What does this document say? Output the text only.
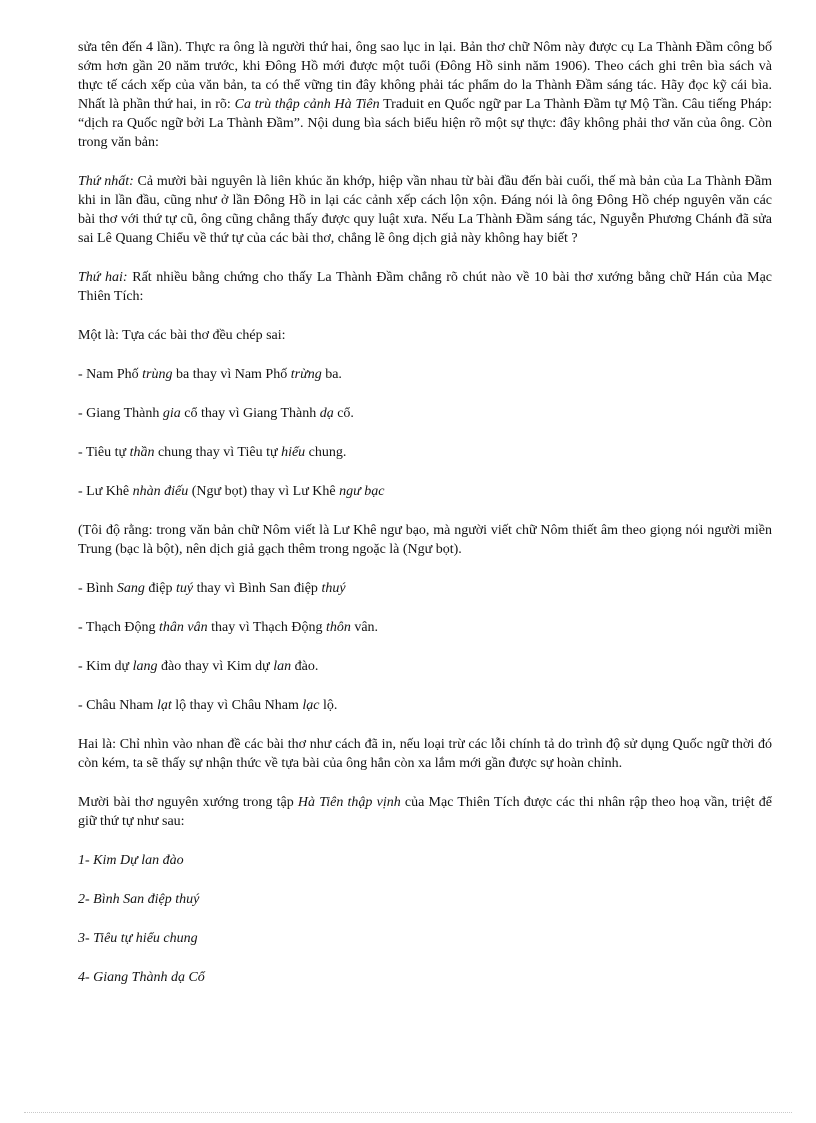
sửa tên đến 4 lần). Thực ra ông là người thứ hai, ông sao lục in lại. Bản thơ chữ Nôm này được cụ La Thành Đầm công bố sớm hơn gần 20 năm trước, khi Đông Hồ mới được một tuổi (Đông Hồ sinh năm 1906). Theo cách ghi trên bìa sách và thực tế cách xếp của văn bản, ta có thể vững tin đây không phải tác phẩm do la Thành Đầm sáng tác. Hãy đọc kỹ cái bìa. Nhất là phần thứ hai, in rõ: Ca trù thập cảnh Hà Tiên Traduit en Quốc ngữ par La Thành Đầm tự Mộ Tần. Câu tiếng Pháp: “dịch ra Quốc ngữ bởi La Thành Đầm”. Nội dung bìa sách biểu hiện rõ một sự thực: đây không phải thơ văn của ông. Còn trong văn bản:

Thứ nhất: Cả mười bài nguyên là liên khúc ăn khớp, hiệp vần nhau từ bài đầu đến bài cuối, thế mà bản của La Thành Đầm khi in lần đầu, cũng như ở lần Đông Hồ in lại các cảnh xếp cách lộn xộn. Đáng nói là ông Đông Hồ chép nguyên văn các bài thơ với thứ tự cũ, ông cũng chẳng thấy được quy luật xưa. Nếu La Thành Đầm sáng tác, Nguyễn Phương Chánh đã sửa sai Lê Quang Chiểu về thứ tự của các bài thơ, chẳng lẽ ông dịch giả này không hay biết ?

Thứ hai: Rất nhiều bằng chứng cho thấy La Thành Đầm chẳng rõ chút nào về 10 bài thơ xướng bằng chữ Hán của Mạc Thiên Tích:

Một là: Tựa các bài thơ đều chép sai:

- Nam Phố trùng ba thay vì Nam Phố trừng ba.

- Giang Thành gia cổ thay vì Giang Thành dạ cổ.

- Tiêu tự thần chung thay vì Tiêu tự hiểu chung.

- Lư Khê nhàn điếu (Ngư bọt) thay vì Lư Khê ngư bạc

(Tôi độ rằng: trong văn bản chữ Nôm viết là Lư Khê ngư bạo, mà người viết chữ Nôm thiết âm theo giọng nói người miền Trung (bạc là bột), nên dịch giả gạch thêm trong ngoặc là (Ngư bọt).

- Bình Sang điệp tuý thay vì Bình San điệp thuý

- Thạch Động thân vân thay vì Thạch Động thôn vân.

- Kim dự lang đào thay vì Kim dự lan đào.

- Châu Nham lạt lộ thay vì Châu Nham lạc lộ.

Hai là: Chỉ nhìn vào nhan đề các bài thơ như cách đã in, nếu loại trừ các lỗi chính tả do trình độ sử dụng Quốc ngữ thời đó còn kém, ta sẽ thấy sự nhận thức về tựa bài của ông hẳn còn xa lắm mới gần được sự hoàn chỉnh.

Mười bài thơ nguyên xướng trong tập Hà Tiên thập vịnh của Mạc Thiên Tích được các thi nhân rập theo hoạ vần, triệt để giữ thứ tự như sau:

1- Kim Dự lan đào

2- Bình San điệp thuý

3- Tiêu tự hiểu chung

4- Giang Thành dạ Cổ
